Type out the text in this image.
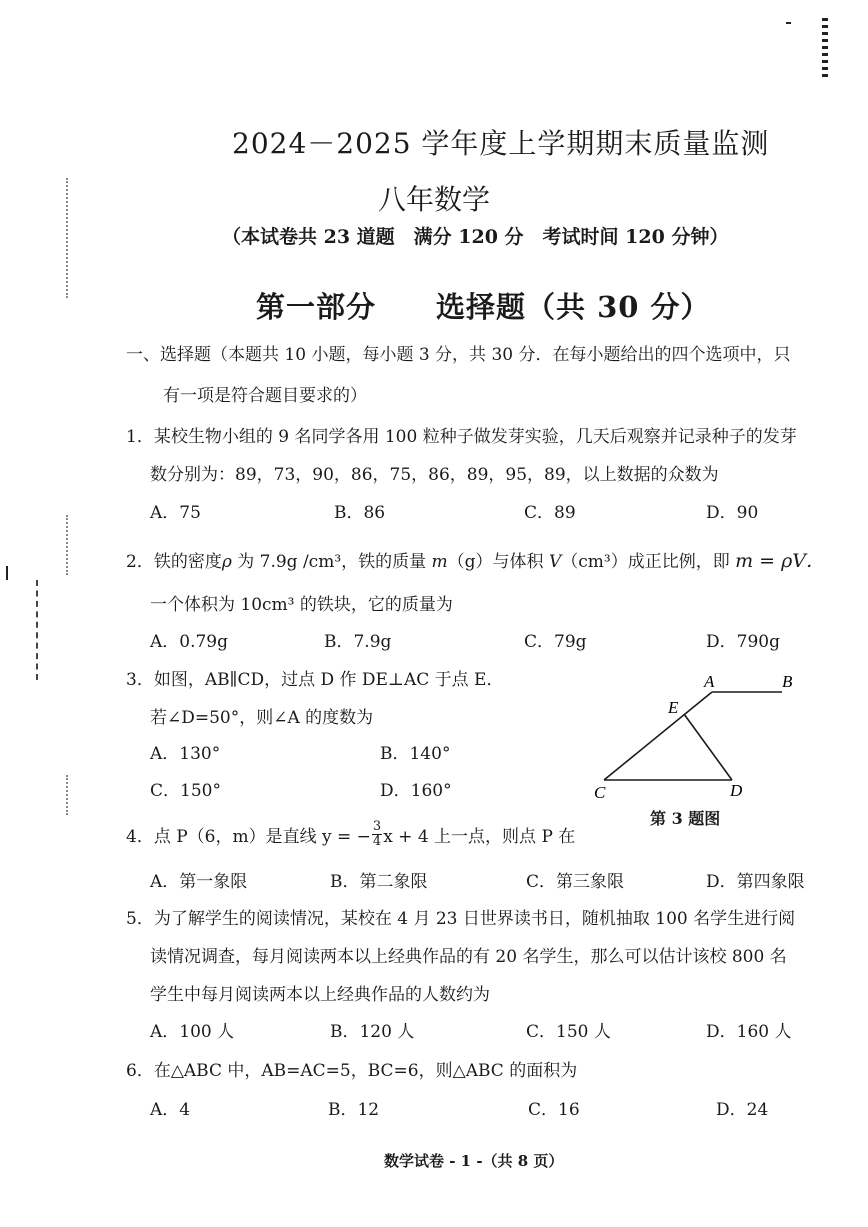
2024－2025 学年度上学期期末质量监测
八年数学
（本试卷共 23 道题　满分 120 分　考试时间 120 分钟）
第一部分　　选择题（共 30 分）
一、选择题（本题共 10 小题，每小题 3 分，共 30 分．在每小题给出的四个选项中，只
有一项是符合题目要求的）
1．某校生物小组的 9 名同学各用 100 粒种子做发芽实验，几天后观察并记录种子的发芽
数分别为：89，73，90，86，75，86，89，95，89，以上数据的众数为
A．75	B．86	C．89	D．90
2．铁的密度ρ 为 7.9g /cm³，铁的质量 m（g）与体积 V（cm³）成正比例，即 m = ρV．
一个体积为 10cm³ 的铁块，它的质量为
A．0.79g	B．7.9g	C．79g	D．790g
3．如图，AB∥CD，过点 D 作 DE⊥AC 于点 E．
若∠D=50°，则∠A 的度数为
A．130°	B．140°
C．150°	D．160°
A	B
E
C	D
第 3 题图
4．点 P（6，m）是直线 y = − $\frac{3}{4}$ x + 4 上一点，则点 P 在
A．第一象限	B．第二象限	C．第三象限	D．第四象限
5．为了解学生的阅读情况，某校在 4 月 23 日世界读书日，随机抽取 100 名学生进行阅
读情况调查，每月阅读两本以上经典作品的有 20 名学生，那么可以估计该校 800 名
学生中每月阅读两本以上经典作品的人数约为
A．100 人	B．120 人	C．150 人	D．160 人
6．在△ABC 中，AB=AC=5，BC=6，则△ABC 的面积为
A．4	B．12	C．16	D．24
数学试卷 - 1 -（共 8 页）
